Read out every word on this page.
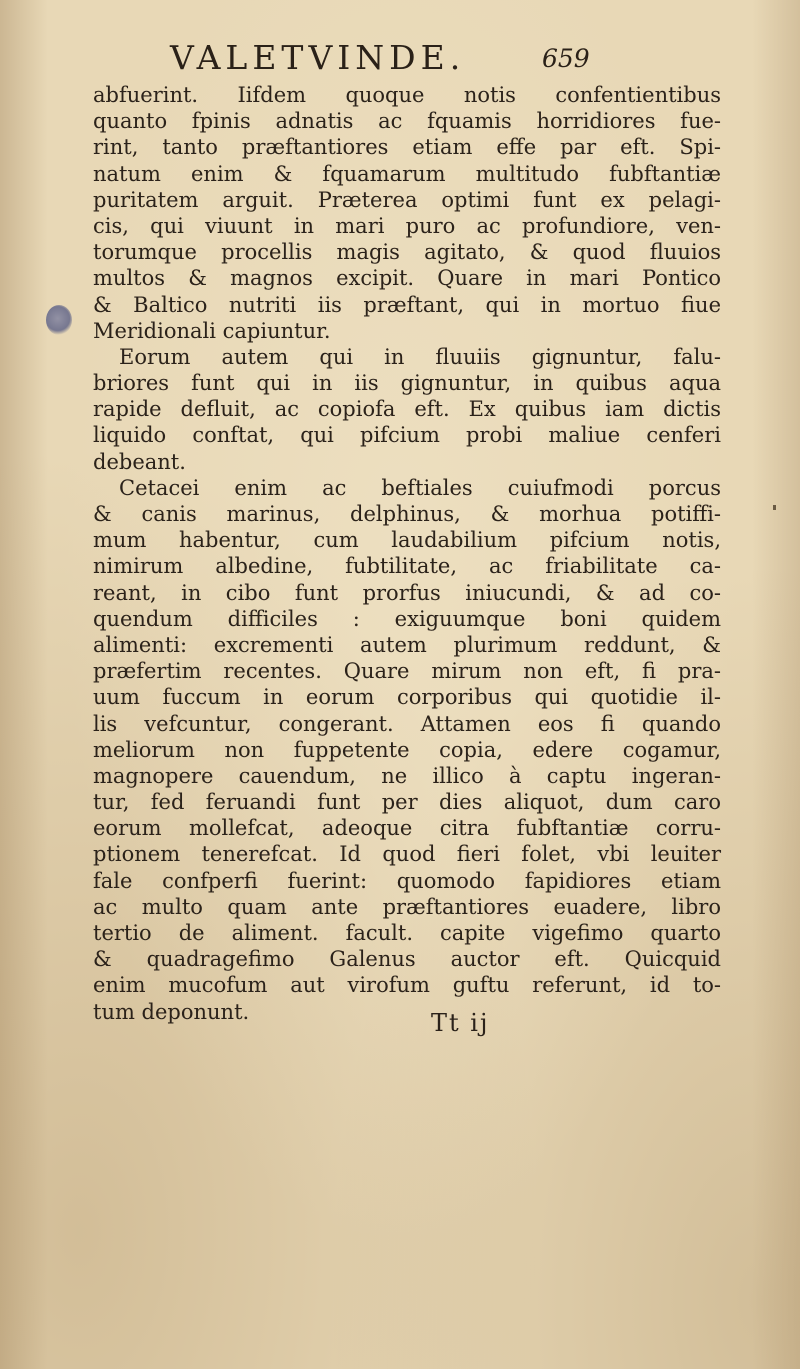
VALETVINDE.	659
abfuerint. Iifdem quoque notis confentientibus
quanto fpinis adnatis ac fquamis horridiores fue-
rint, tanto præftantiores etiam effe par eft. Spi-
natum enim & fquamarum multitudo fubftantiæ
puritatem arguit. Præterea optimi funt ex pelagi-
cis, qui viuunt in mari puro ac profundiore, ven-
torumque procellis magis agitato, & quod fluuios
multos & magnos excipit. Quare in mari Pontico
& Baltico nutriti iis præftant, qui in mortuo fiue
Meridionali capiuntur.
Eorum autem qui in fluuiis gignuntur, falu-
briores funt qui in iis gignuntur, in quibus aqua
rapide defluit, ac copiofa eft. Ex quibus iam dictis
liquido conftat, qui pifcium probi maliue cenferi
debeant.
Cetacei enim ac beftiales cuiufmodi porcus
& canis marinus, delphinus, & morhua potiffi-
mum habentur, cum laudabilium pifcium notis,
nimirum albedine, fubtilitate, ac friabilitate ca-
reant, in cibo funt prorfus iniucundi, & ad co-
quendum difficiles : exiguumque boni quidem
alimenti: excrementi autem plurimum reddunt, &
præfertim recentes. Quare mirum non eft, fi pra-
uum fuccum in eorum corporibus qui quotidie il-
lis vefcuntur, congerant. Attamen eos fi quando
meliorum non fuppetente copia, edere cogamur,
magnopere cauendum, ne illico à captu ingeran-
tur, fed feruandi funt per dies aliquot, dum caro
eorum mollefcat, adeoque citra fubftantiæ corru-
ptionem tenerefcat. Id quod fieri folet, vbi leuiter
fale confperfi fuerint: quomodo fapidiores etiam
ac multo quam ante præftantiores euadere, libro
tertio de aliment. facult. capite vigefimo quarto
& quadragefimo Galenus auctor eft. Quicquid
enim mucofum aut virofum guftu referunt, id to-
tum deponunt.	Tt ij
